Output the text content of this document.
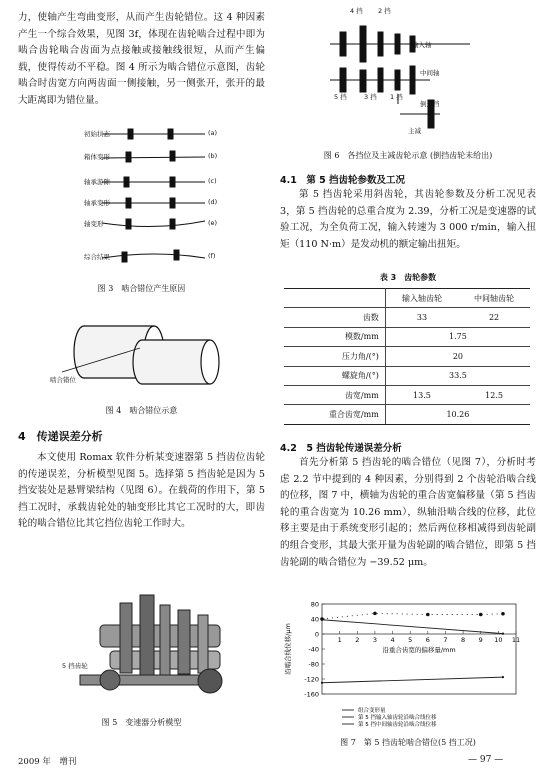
力，使轴产生弯曲变形，从而产生齿轮错位。这 4 种因素产生一个综合效果，见图 3f，体现在齿轮啮合过程中即为啮合齿轮啮合齿面为点接触或接触线很短，从而产生偏载，使得传动不平稳。图 4 所示为啮合错位示意图，齿轮啮合时齿宽方向两齿面一侧接触，另一侧张开，张开的最大距离即为错位量。

初始状态	(a)
箱体变形	(b)
轴承游隙	(c)
轴承变形	(d)
轴变形	(e)
综合结果	(f)
图 3　啮合错位产生原因
啮合错位
图 4　啮合错位示意
4　传递误差分析

本文使用 Romax 软件分析某变速器第 5 挡齿位齿轮的传递误差，分析模型见图 5。选择第 5 挡齿轮是因为 5 挡安装处是悬臂梁结构（见图 6）。在载荷的作用下，第 5 挡工况时，承载齿轮处的轴变形比其它工况时的大，即齿轮的啮合错位比其它挡位齿轮工作时大。

5 挡齿轮
图 5　变速器分析模型
2009 年　增刊
4 挡 2 挡
输入轴
中间轴
5 挡	3 挡 1 挡
倒退挡
主减
图 6　各挡位及主减齿轮示意 (倒挡齿轮未给出)
4.1　第 5 挡齿轮参数及工况

第 5 挡齿轮采用斜齿轮，其齿轮参数及分析工况见表 3，第 5 挡齿轮的总重合度为 2.39，分析工况是变速器的试验工况，为全负荷工况，输入转速为 3 000 r/min，输入扭矩（110 N·m）是发动机的额定输出扭矩。

表 3　齿轮参数
	输入轴齿轮	中间轴齿轮
齿数	33	22
模数/mm	1.75	
压力角/(°)	20	
螺旋角/(°)	33.5	
齿宽/mm	13.5	12.5
重合齿宽/mm	10.26	
4.2　5 挡齿轮传递误差分析

首先分析第 5 挡齿轮的啮合错位（见图 7），分析时考虑 2.2 节中提到的 4 种因素，分别得到 2 个齿轮沿啮合线的位移，图 7 中，横轴为齿轮的重合齿宽偏移量（第 5 挡齿轮的重合齿宽为 10.26 mm），纵轴沿啮合线的位移，此位移主要是由于系统变形引起的；然后两位移相减得到齿轮副的组合变形，其最大张开量为齿轮副的啮合错位，即第 5 挡齿轮副的啮合错位为 −39.52 μm。

80
40
0
-40
-80
-120
-160
1 2 3 4 5 6 7 8 9 10 11
沿重合齿宽的偏移量/mm
沿啮合线位移/μm
组合变形量
第 5 挡输入轴齿轮沿啮合线位移
第 5 挡中间轴齿轮沿啮合线位移
图 7　第 5 挡齿轮啮合错位(5 挡工况)
— 97 —
